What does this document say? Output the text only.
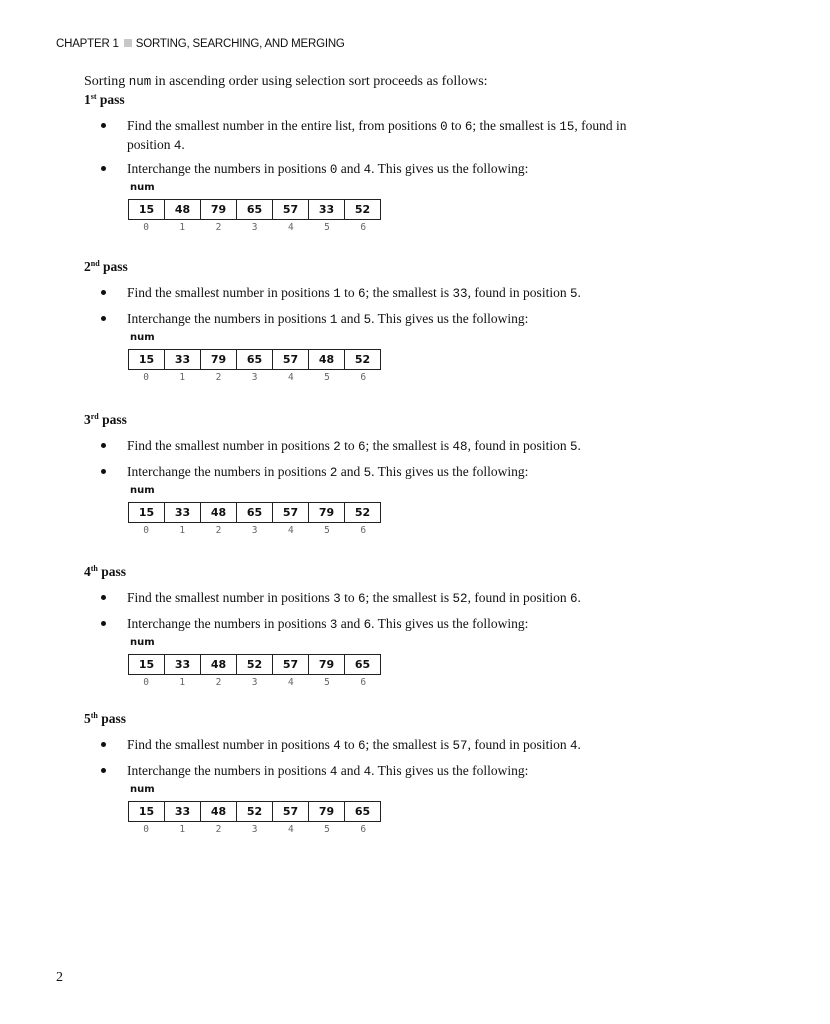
CHAPTER 1 SORTING, SEARCHING, AND MERGING
Sorting num in ascending order using selection sort proceeds as follows:
1st pass
Find the smallest number in the entire list, from positions 0 to 6; the smallest is 15, found in position 4.
Interchange the numbers in positions 0 and 4. This gives us the following:
num
15	48	79	65	57	33	52
0	1	2	3	4	5	6
2nd pass
Find the smallest number in positions 1 to 6; the smallest is 33, found in position 5.
Interchange the numbers in positions 1 and 5. This gives us the following:
num
15	33	79	65	57	48	52
0	1	2	3	4	5	6
3rd pass
Find the smallest number in positions 2 to 6; the smallest is 48, found in position 5.
Interchange the numbers in positions 2 and 5. This gives us the following:
num
15	33	48	65	57	79	52
0	1	2	3	4	5	6
4th pass
Find the smallest number in positions 3 to 6; the smallest is 52, found in position 6.
Interchange the numbers in positions 3 and 6. This gives us the following:
num
15	33	48	52	57	79	65
0	1	2	3	4	5	6
5th pass
Find the smallest number in positions 4 to 6; the smallest is 57, found in position 4.
Interchange the numbers in positions 4 and 4. This gives us the following:
num
15	33	48	52	57	79	65
0	1	2	3	4	5	6
2
